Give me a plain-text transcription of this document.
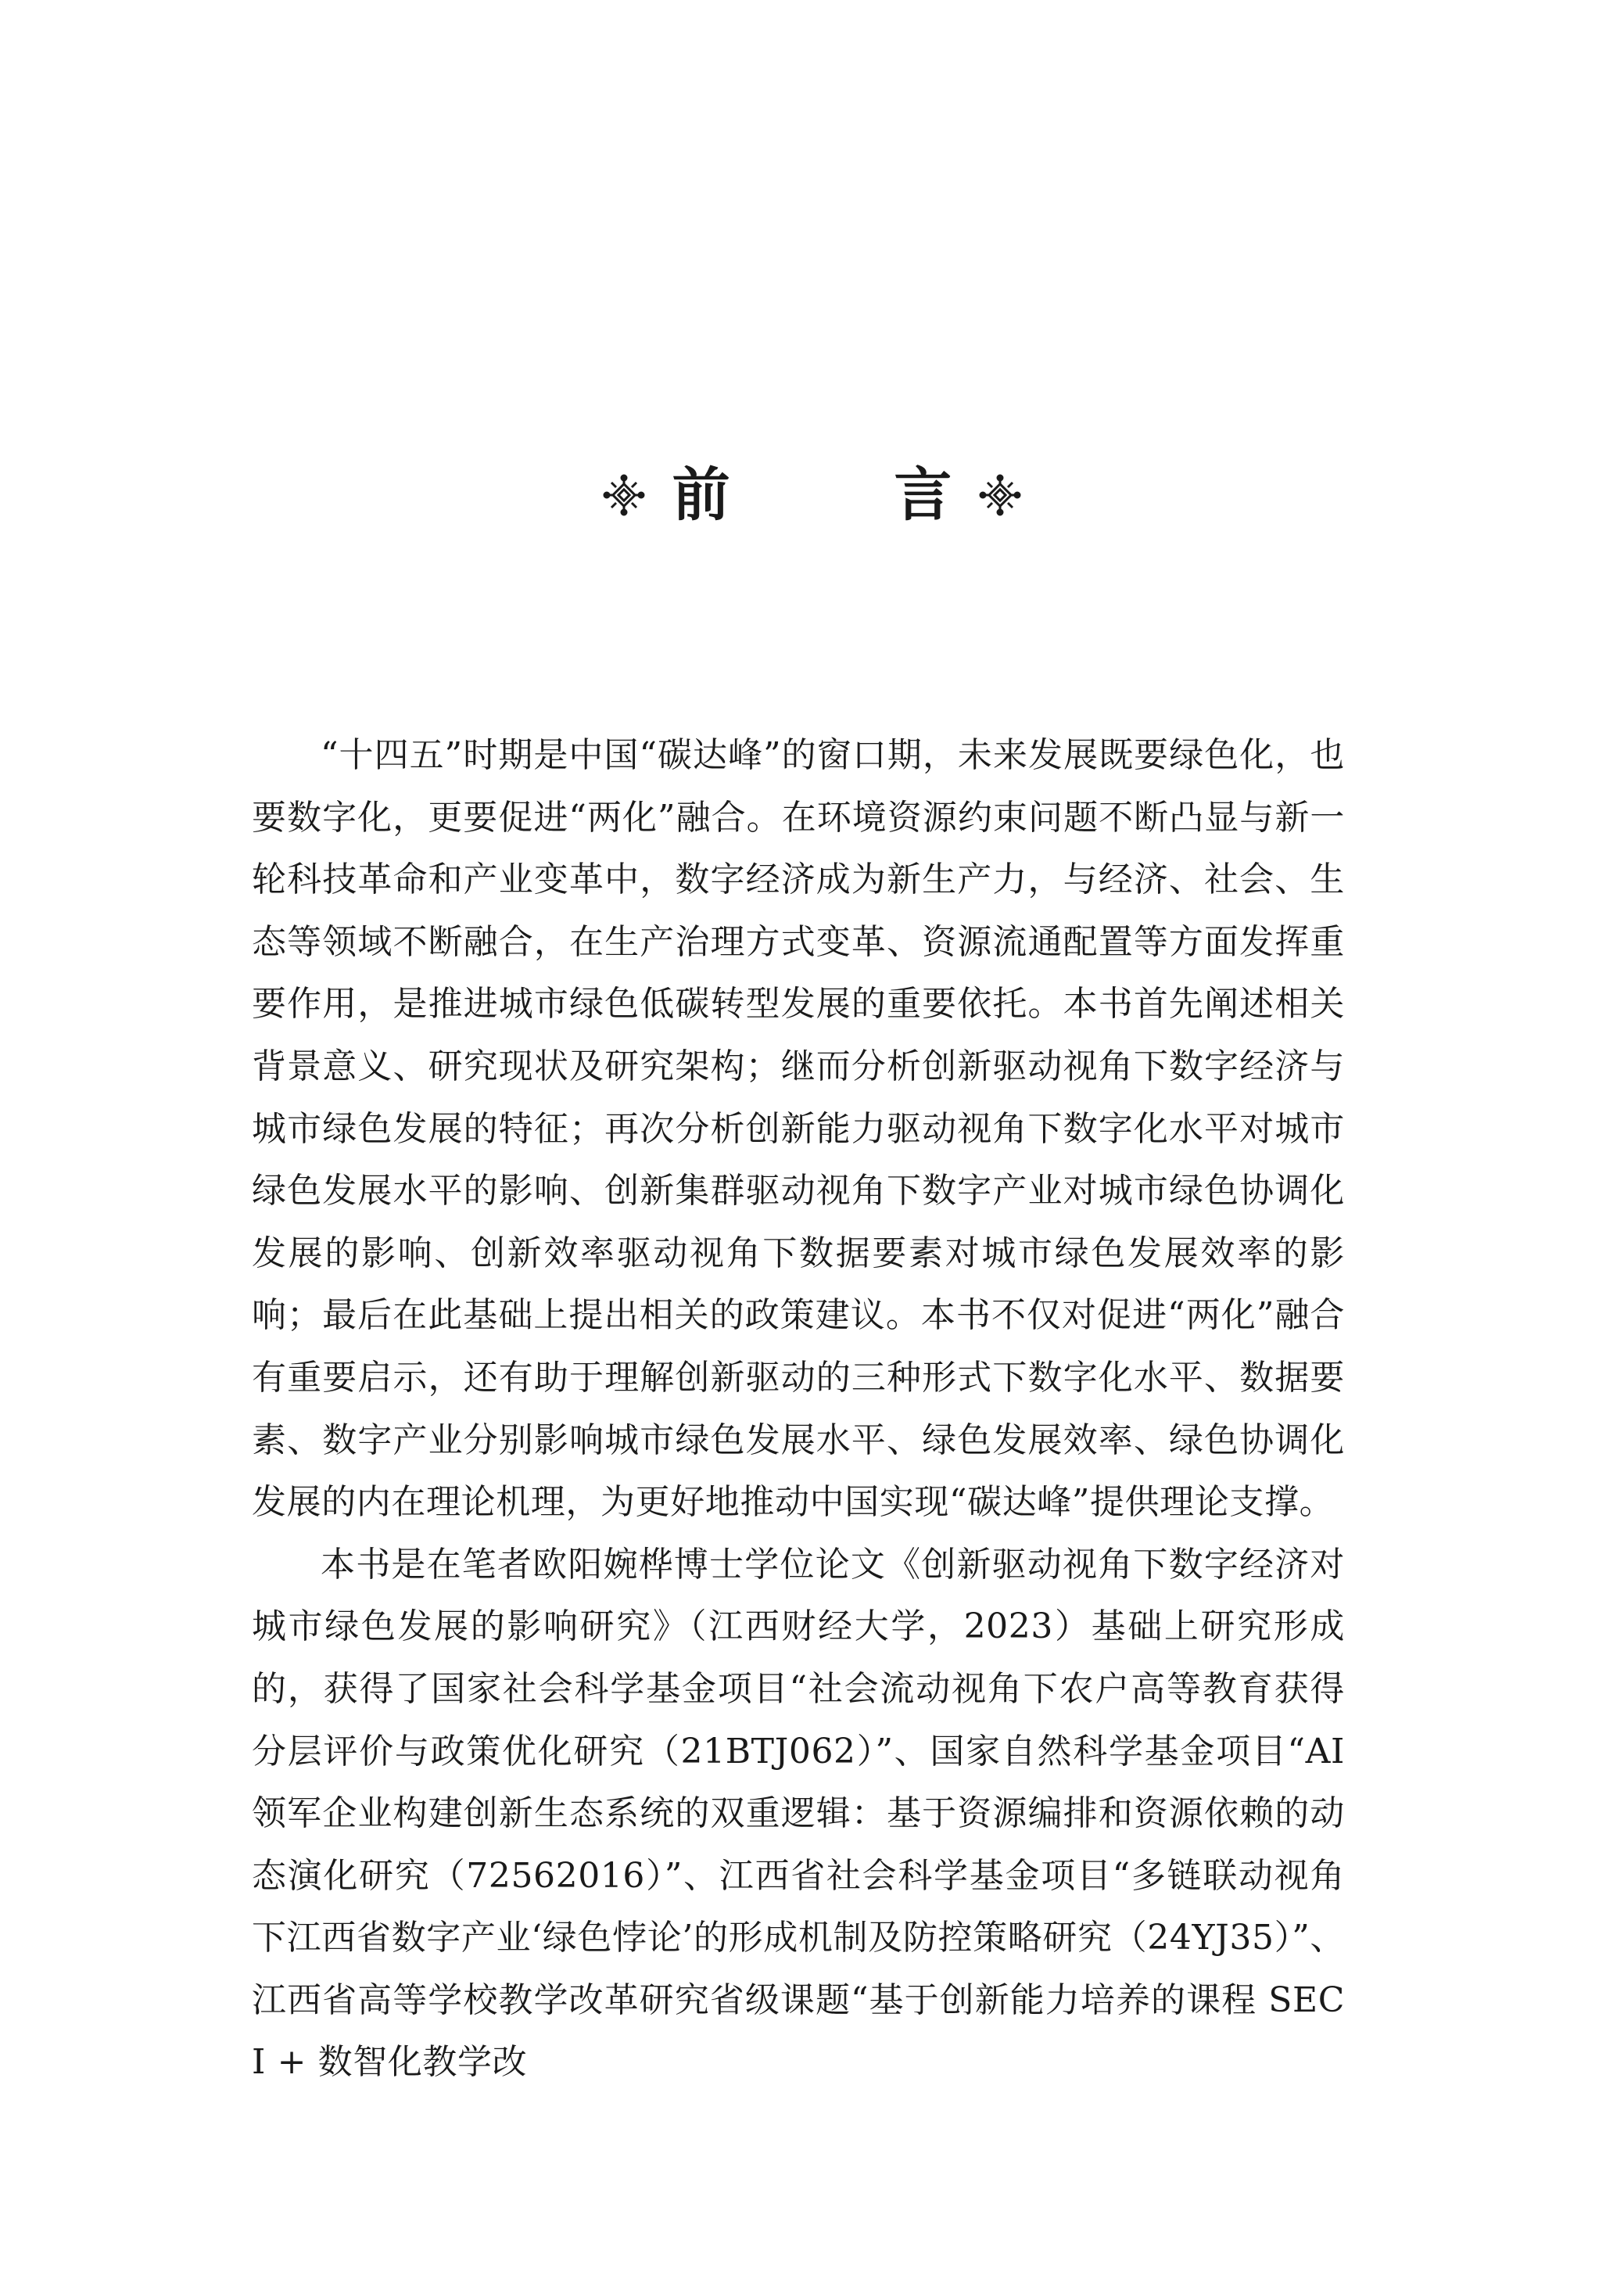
前 言

“十四五”时期是中国“碳达峰”的窗口期，未来发展既要绿色化，也要数字化，更要促进“两化”融合。在环境资源约束问题不断凸显与新一轮科技革命和产业变革中，数字经济成为新生产力，与经济、社会、生态等领域不断融合，在生产治理方式变革、资源流通配置等方面发挥重要作用，是推进城市绿色低碳转型发展的重要依托。本书首先阐述相关背景意义、研究现状及研究架构；继而分析创新驱动视角下数字经济与城市绿色发展的特征；再次分析创新能力驱动视角下数字化水平对城市绿色发展水平的影响、创新集群驱动视角下数字产业对城市绿色协调化发展的影响、创新效率驱动视角下数据要素对城市绿色发展效率的影响；最后在此基础上提出相关的政策建议。本书不仅对促进“两化”融合有重要启示，还有助于理解创新驱动的三种形式下数字化水平、数据要素、数字产业分别影响城市绿色发展水平、绿色发展效率、绿色协调化发展的内在理论机理，为更好地推动中国实现“碳达峰”提供理论支撑。

本书是在笔者欧阳婉桦博士学位论文《创新驱动视角下数字经济对城市绿色发展的影响研究》（江西财经大学，2023）基础上研究形成的，获得了国家社会科学基金项目“社会流动视角下农户高等教育获得分层评价与政策优化研究（21BTJ062）”、国家自然科学基金项目“AI 领军企业构建创新生态系统的双重逻辑：基于资源编排和资源依赖的动态演化研究（72562016）”、江西省社会科学基金项目“多链联动视角下江西省数字产业‘绿色悖论’的形成机制及防控策略研究（24YJ35）”、江西省高等学校教学改革研究省级课题“基于创新能力培养的课程 SECI + 数智化教学改
